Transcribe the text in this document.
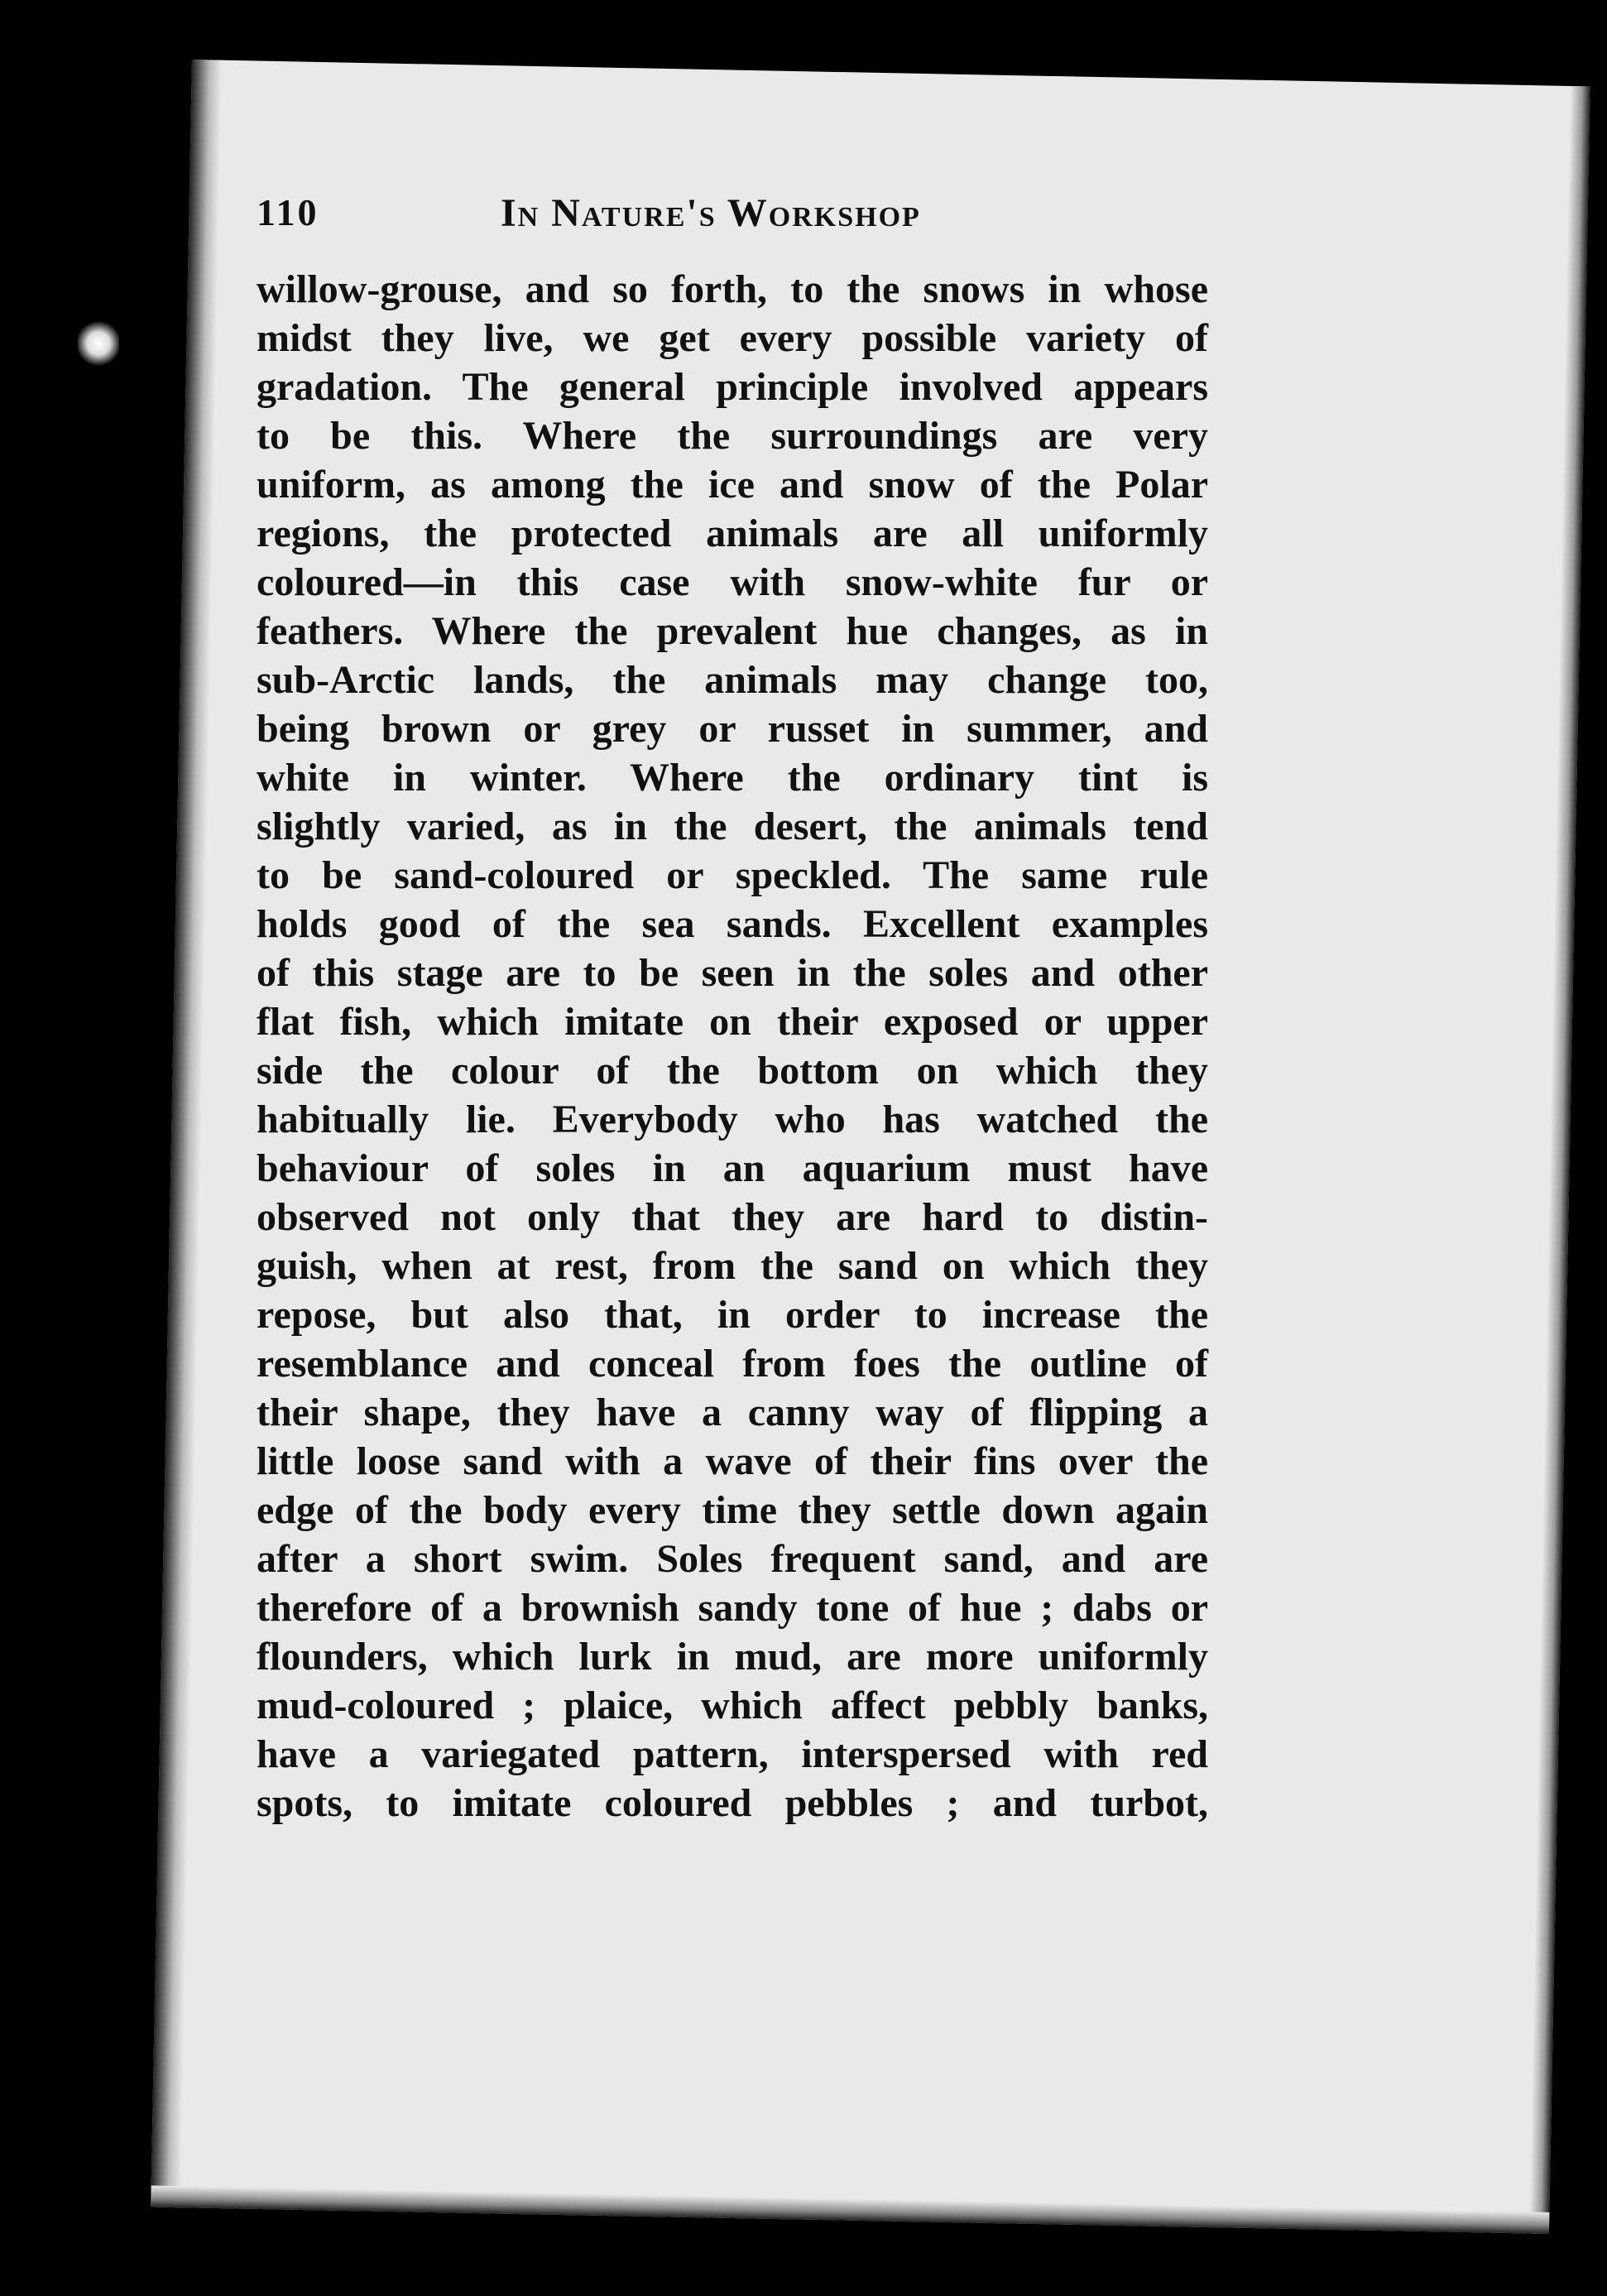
110	In Nature's Workshop
willow-grouse, and so forth, to the snows in whose
midst they live, we get every possible variety of
gradation. The general principle involved appears
to be this. Where the surroundings are very
uniform, as among the ice and snow of the Polar
regions, the protected animals are all uniformly
coloured—in this case with snow-white fur or
feathers. Where the prevalent hue changes, as in
sub-Arctic lands, the animals may change too,
being brown or grey or russet in summer, and
white in winter. Where the ordinary tint is
slightly varied, as in the desert, the animals tend
to be sand-coloured or speckled. The same rule
holds good of the sea sands. Excellent examples
of this stage are to be seen in the soles and other
flat fish, which imitate on their exposed or upper
side the colour of the bottom on which they
habitually lie. Everybody who has watched the
behaviour of soles in an aquarium must have
observed not only that they are hard to distin-
guish, when at rest, from the sand on which they
repose, but also that, in order to increase the
resemblance and conceal from foes the outline of
their shape, they have a canny way of flipping a
little loose sand with a wave of their fins over the
edge of the body every time they settle down again
after a short swim. Soles frequent sand, and are
therefore of a brownish sandy tone of hue ; dabs or
flounders, which lurk in mud, are more uniformly
mud-coloured ; plaice, which affect pebbly banks,
have a variegated pattern, interspersed with red
spots, to imitate coloured pebbles ; and turbot,
